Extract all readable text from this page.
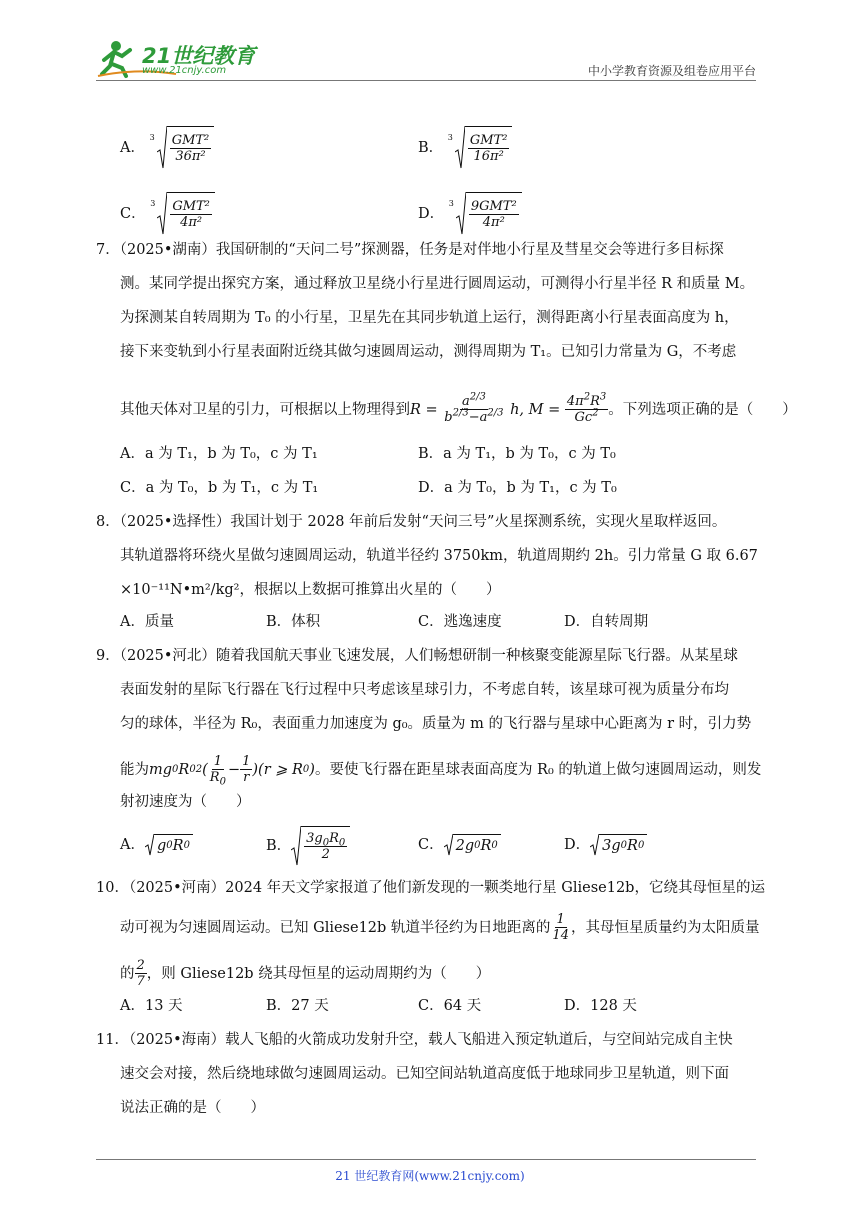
21世纪教育
www.21cnjy.com	中小学教育资源及组卷应用平台
A．
$3 \frac{\text{GMT²}}{\text{36π²}}$	B．
$3 \frac{\text{GMT²}}{\text{16π²}}$
C．
$3 \frac{\text{GMT²}}{\text{4π²}}$	D．
$3 \frac{\text{9GMT²}}{\text{4π²}}$
7．（2025•湖南）我国研制的“天问二号”探测器，任务是对伴地小行星及彗星交会等进行多目标探
测。某同学提出探究方案，通过释放卫星绕小行星进行圆周运动，可测得小行星半径 R 和质量 M。
为探测某自转周期为 T₀ 的小行星，卫星先在其同步轨道上运行，测得距离小行星表面高度为 h，
接下来变轨到小行星表面附近绕其做匀速圆周运动，测得周期为 T₁。已知引力常量为 G，不考虑
其他天体对卫星的引力，可根据以上物理得到 $R = \frac{a^{2/3}}{b^{2/3}-a^{2/3}} h$, $M = \frac{4\pi^2R^3}{Gc^2}$ 。下列选项正确的是（　　）
A．a 为 T₁，b 为 T₀，c 为 T₁	B．a 为 T₁，b 为 T₀，c 为 T₀
C．a 为 T₀，b 为 T₁，c 为 T₁	D．a 为 T₀，b 为 T₁，c 为 T₀
8．（2025•选择性）我国计划于 2028 年前后发射“天问三号”火星探测系统，实现火星取样返回。
其轨道器将环绕火星做匀速圆周运动，轨道半径约 3750km，轨道周期约 2h。引力常量 G 取 6.67
×10⁻¹¹N•m²/kg²，根据以上数据可推算出火星的（　　）
A．质量	B．体积	C．逃逸速度	D．自转周期
9．（2025•河北）随着我国航天事业飞速发展，人们畅想研制一种核聚变能源星际飞行器。从某星球
表面发射的星际飞行器在飞行过程中只考虑该星球引力，不考虑自转，该星球可视为质量分布均
匀的球体，半径为 R₀，表面重力加速度为 g₀。质量为 m 的飞行器与星球中心距离为 r 时，引力势
能为 mg 0 R 0 2 ( $\frac{1}{R_0} - \frac{1}{r} )(r$ ⩾ R 0 ) 。要使飞行器在距星球表面高度为 R₀ 的轨道上做匀速圆周运动，则发
射初速度为（　　）
A． g 0 R 0	B． $\frac{3g_0R_0}{2}$	C． 2g 0 R 0	D． 3g 0 R 0
10．（2025•河南）2024 年天文学家报道了他们新发现的一颗类地行星 Gliese12b，它绕其母恒星的运
动可视为匀速圆周运动。已知 Gliese12b 轨道半径约为日地距离的 $\frac{1}{14}$ ，其母恒星质量约为太阳质量
的 $\frac{2}{7}$ ，则 Gliese12b 绕其母恒星的运动周期约为（　　）
A．13 天	B．27 天	C．64 天	D．128 天
11．（2025•海南）载人飞船的火箭成功发射升空，载人飞船进入预定轨道后，与空间站完成自主快
速交会对接，然后绕地球做匀速圆周运动。已知空间站轨道高度低于地球同步卫星轨道，则下面
说法正确的是（　　）
21 世纪教育网(www.21cnjy.com)
